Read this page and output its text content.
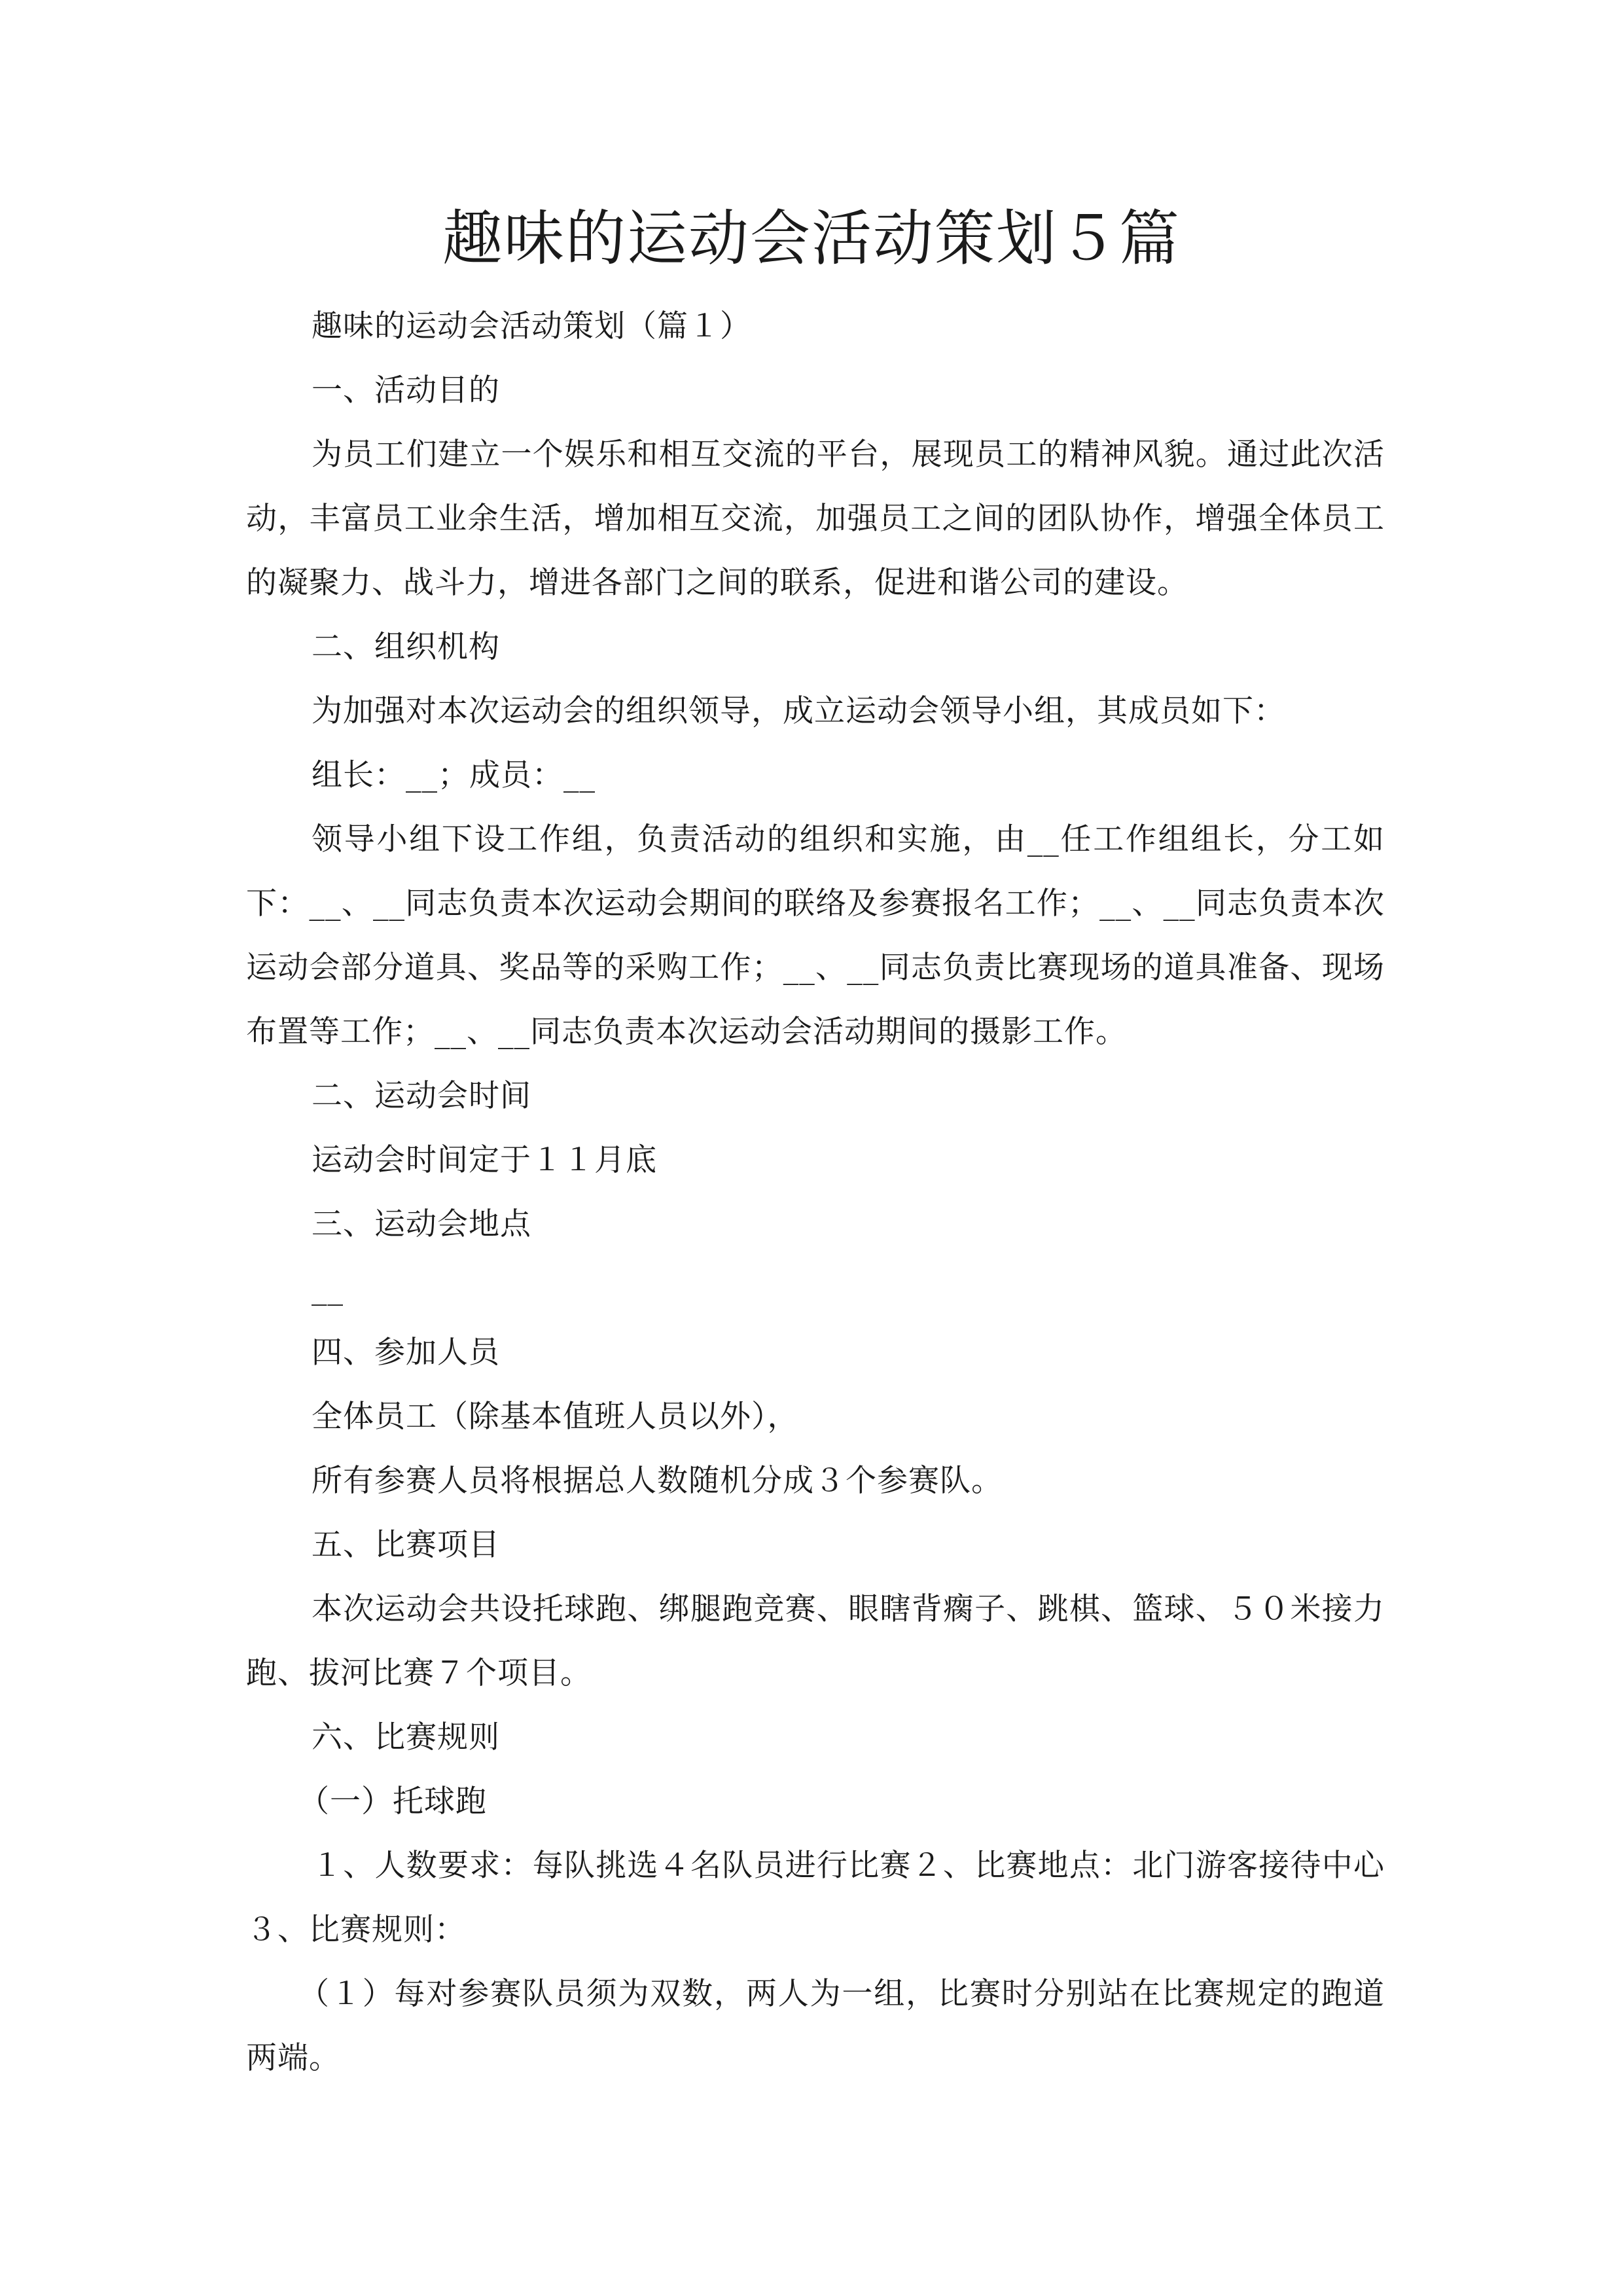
趣味的运动会活动策划５篇

趣味的运动会活动策划（篇１）

一、活动目的

为员工们建立一个娱乐和相互交流的平台，展现员工的精神风貌。通过此次活动，丰富员工业余生活，增加相互交流，加强员工之间的团队协作，增强全体员工的凝聚力、战斗力，增进各部门之间的联系，促进和谐公司的建设。

二、组织机构

为加强对本次运动会的组织领导，成立运动会领导小组，其成员如下：

组长：__；成员：__

领导小组下设工作组，负责活动的组织和实施，由__任工作组组长，分工如下：__、__同志负责本次运动会期间的联络及参赛报名工作；__、__同志负责本次运动会部分道具、奖品等的采购工作；__、__同志负责比赛现场的道具准备、现场布置等工作；__、__同志负责本次运动会活动期间的摄影工作。

二、运动会时间

运动会时间定于１１月底

三、运动会地点

__

四、参加人员

全体员工（除基本值班人员以外），

所有参赛人员将根据总人数随机分成３个参赛队。

五、比赛项目

本次运动会共设托球跑、绑腿跑竞赛、眼瞎背瘸子、跳棋、篮球、５０米接力跑、拔河比赛７个项目。

六、比赛规则

（一）托球跑

１、人数要求：每队挑选４名队员进行比赛２、比赛地点：北门游客接待中心３、比赛规则：

（１）每对参赛队员须为双数，两人为一组，比赛时分别站在比赛规定的跑道两端。
